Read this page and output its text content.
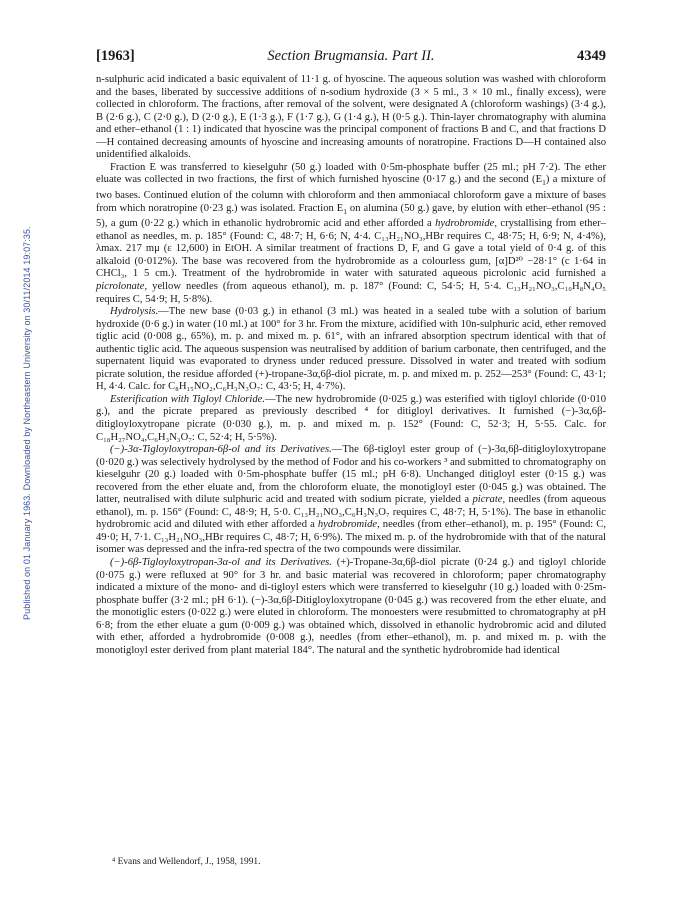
Published on 01 January 1963. Downloaded by Northeastern University on 30/11/2014 19:07:35.
[1963]	Section Brugmansia. Part II.	4349

n-sulphuric acid indicated a basic equivalent of 11·1 g. of hyoscine. The aqueous solution was washed with chloroform and the bases, liberated by successive additions of n-sodium hydroxide (3 × 5 ml., 3 × 10 ml., finally excess), were collected in chloroform. The fractions, after removal of the solvent, were designated A (chloroform washings) (3·4 g.), B (2·6 g.), C (2·0 g.), D (2·0 g.), E (1·3 g.), F (1·7 g.), G (1·4 g.), H (0·5 g.). Thin-layer chromatography with alumina and ether–ethanol (1 : 1) indicated that hyoscine was the principal component of fractions B and C, and that fractions D—H contained decreasing amounts of hyoscine and increasing amounts of noratropine. Fractions D—H contained also unidentified alkaloids.

Fraction E was transferred to kieselguhr (50 g.) loaded with 0·5m-phosphate buffer (25 ml.; pH 7·2). The ether eluate was collected in two fractions, the first of which furnished hyoscine (0·17 g.) and the second $(E_1)$ a mixture of two bases. Continued elution of the column with chloroform and then ammoniacal chloroform gave a mixture of bases from which noratropine (0·23 g.) was isolated. Fraction $E_1$ on alumina (50 g.) gave, by elution with ether–ethanol (95 : 5), a gum (0·22 g.) which in ethanolic hydrobromic acid and ether afforded a hydrobromide, crystallising from ether–ethanol as needles, m. p. 185° (Found: C, 48·7; H, 6·6; N, 4·4. C₁₃H₂₁NO₃,HBr requires C, 48·75; H, 6·9; N, 4·4%), λmax. 217 mμ (ε 12,600) in EtOH. A similar treatment of fractions D, F, and G gave a total yield of 0·4 g. of this alkaloid (0·012%). The base was recovered from the hydrobromide as a colourless gum, [α]D²⁰ −28·1° (c 1·64 in CHCl₃, 1 5 cm.). Treatment of the hydrobromide in water with saturated aqueous picrolonic acid furnished a picrolonate, yellow needles (from aqueous ethanol), m. p. 187° (Found: C, 54·5; H, 5·4. C₁₃H₂₁NO₃,C₁₀H₈N₄O₅ requires C, 54·9; H, 5·8%).

Hydrolysis.—The new base (0·03 g.) in ethanol (3 ml.) was heated in a sealed tube with a solution of barium hydroxide (0·6 g.) in water (10 ml.) at 100° for 3 hr. From the mixture, acidified with 10n-sulphuric acid, ether removed tiglic acid (0·008 g., 65%), m. p. and mixed m. p. 61°, with an infrared absorption spectrum identical with that of authentic tiglic acid. The aqueous suspension was neutralised by addition of barium carbonate, then centrifuged, and the supernatent liquid was evaporated to dryness under reduced pressure. Dissolved in water and treated with sodium picrate solution, the residue afforded (+)-tropane-3α,6β-diol picrate, m. p. and mixed m. p. 252—253° (Found: C, 43·1; H, 4·4. Calc. for C₈H₁₅NO₂,C₆H₃N₃O₇: C, 43·5; H, 4·7%).

Esterification with Tigloyl Chloride.—The new hydrobromide (0·025 g.) was esterified with tigloyl chloride (0·010 g.), and the picrate prepared as previously described ⁴ for ditigloyl derivatives. It furnished (−)-3α,6β-ditigloyloxytropane picrate (0·030 g.), m. p. and mixed m. p. 152° (Found: C, 52·3; H, 5·55. Calc. for C₁₈H₂₇NO₄,C₆H₃N₃O₇: C, 52·4; H, 5·5%).

(−)-3α-Tigloyloxytropan-6β-ol and its Derivatives.—The 6β-tigloyl ester group of (−)-3α,6β-ditigloyloxytropane (0·020 g.) was selectively hydrolysed by the method of Fodor and his co-workers ³ and submitted to chromatography on kieselguhr (20 g.) loaded with 0·5m-phosphate buffer (15 ml.; pH 6·8). Unchanged ditigloyl ester (0·15 g.) was recovered from the ether eluate and, from the chloroform eluate, the monotigloyl ester (0·045 g.) was obtained. The latter, neutralised with dilute sulphuric acid and treated with sodium picrate, yielded a picrate, needles (from aqueous ethanol), m. p. 156° (Found: C, 48·9; H, 5·0. C₁₃H₂₁NO₃,C₆H₃N₃O₇ requires C, 48·7; H, 5·1%). The base in ethanolic hydrobromic acid and diluted with ether afforded a hydrobromide, needles (from ether–ethanol), m. p. 195° (Found: C, 49·0; H, 7·1. C₁₃H₂₁NO₃,HBr requires C, 48·7; H, 6·9%). The mixed m. p. of the hydrobromide with that of the natural isomer was depressed and the infra-red spectra of the two compounds were dissimilar.

(−)-6β-Tigloyloxytropan-3α-ol and its Derivatives. (+)-Tropane-3α,6β-diol picrate (0·24 g.) and tigloyl chloride (0·075 g.) were refluxed at 90° for 3 hr. and basic material was recovered in chloroform; paper chromatography indicated a mixture of the mono- and di-tigloyl esters which were transferred to kieselguhr (10 g.) loaded with 0·25m-phosphate buffer (3·2 ml.; pH 6·1). (−)-3α,6β-Ditigloyloxytropane (0·045 g.) was recovered from the ether eluate, and the monotiglic esters (0·022 g.) were eluted in chloroform. The monoesters were resubmitted to chromatography at pH 6·8; from the ether eluate a gum (0·009 g.) was obtained which, dissolved in ethanolic hydrobromic acid and diluted with ether, afforded a hydrobromide (0·008 g.), needles (from ether–ethanol), m. p. and mixed m. p. with the monotigloyl ester derived from plant material 184°. The natural and the synthetic hydrobromide had identical

⁴ Evans and Wellendorf, J., 1958, 1991.
